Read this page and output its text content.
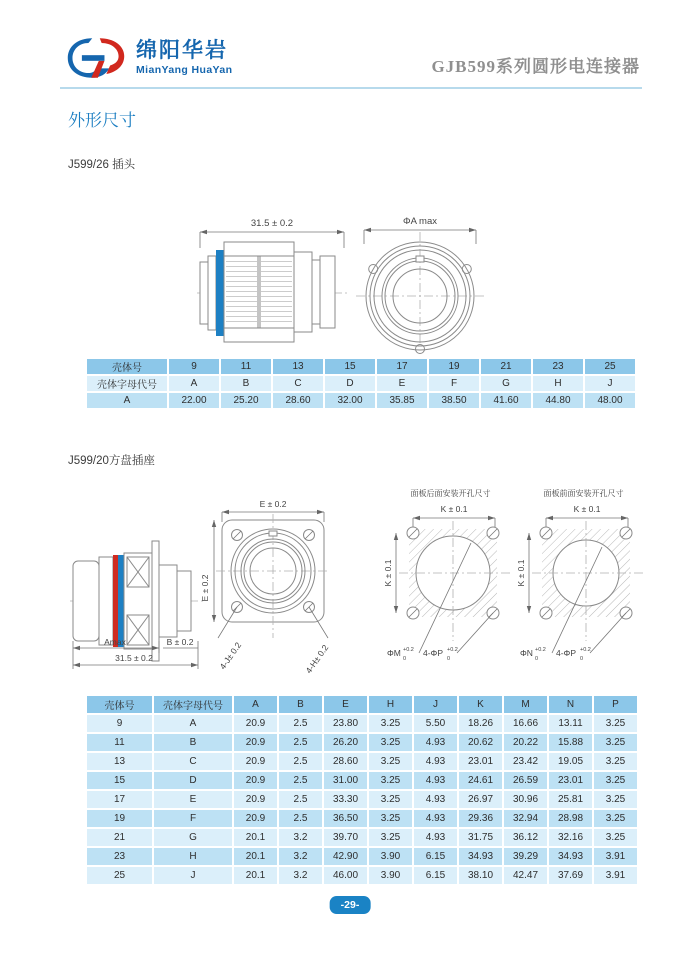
绵阳华岩
MianYang HuaYan	GJB599系列圆形电连接器
外形尺寸
J599/26 插头
31.5 ± 0.2	ΦA max
壳体号	9	11	13	15	17	19	21	23	25
壳体字母代号	A	B	C	D	E	F	G	H	J
A	22.00	25.20	28.60	32.00	35.85	38.50	41.60	44.80	48.00
J599/20方盘插座
面板后面安装开孔尺寸	面板前面安装开孔尺寸
Amax	B ± 0.2
31.5 ± 0.2
E ± 0.2
E ± 0.2
4-J± 0.2	4-H± 0.2
K ± 0.1
K ± 0.1
ΦM +0.2
0
4-ΦP +0.2
0
K ± 0.1
K ± 0.1
ΦN +0.2
0
4-ΦP +0.2
0
壳体号	壳体字母代号	A	B	E	H	J	K	M	N	P
9	A	20.9	2.5	23.80	3.25	5.50	18.26	16.66	13.11	3.25
11	B	20.9	2.5	26.20	3.25	4.93	20.62	20.22	15.88	3.25
13	C	20.9	2.5	28.60	3.25	4.93	23.01	23.42	19.05	3.25
15	D	20.9	2.5	31.00	3.25	4.93	24.61	26.59	23.01	3.25
17	E	20.9	2.5	33.30	3.25	4.93	26.97	30.96	25.81	3.25
19	F	20.9	2.5	36.50	3.25	4.93	29.36	32.94	28.98	3.25
21	G	20.1	3.2	39.70	3.25	4.93	31.75	36.12	32.16	3.25
23	H	20.1	3.2	42.90	3.90	6.15	34.93	39.29	34.93	3.91
25	J	20.1	3.2	46.00	3.90	6.15	38.10	42.47	37.69	3.91
-29-
